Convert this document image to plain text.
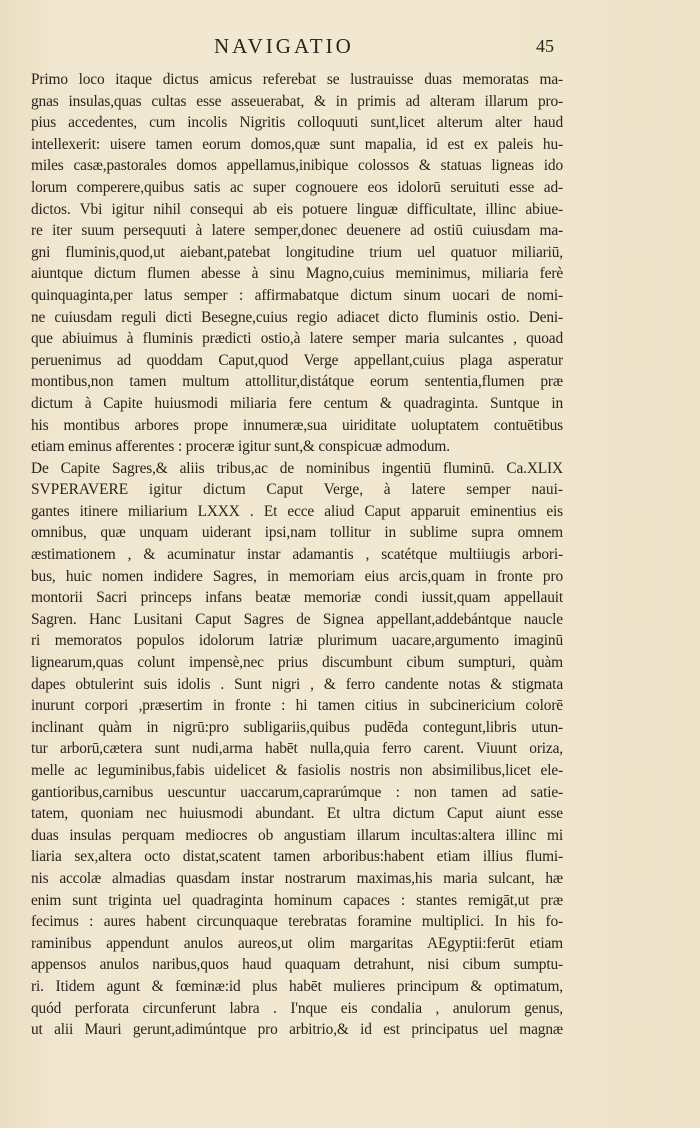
NAVIGATIO	45
Primo loco itaque dictus amicus referebat se lustrauisse duas memoratas ma-
gnas insulas,quas cultas esse asseuerabat, & in primis ad alteram illarum pro-
pius accedentes, cum incolis Nigritis colloquuti sunt,licet alterum alter haud
intellexerit: uisere tamen eorum domos,quæ sunt mapalia, id est ex paleis hu-
miles casæ,pastorales domos appellamus,inibique colossos & statuas ligneas ido
lorum comperere,quibus satis ac super cognouere eos idolorū seruituti esse ad-
dictos. Vbi igitur nihil consequi ab eis potuere linguæ difficultate, illinc abiue-
re iter suum persequuti à latere semper,donec deuenere ad ostiū cuiusdam ma-
gni fluminis,quod,ut aiebant,patebat longitudine trium uel quatuor miliariū,
aiuntque dictum flumen abesse à sinu Magno,cuius meminimus, miliaria ferè
quinquaginta,per latus semper : affirmabatque dictum sinum uocari de nomi-
ne cuiusdam reguli dicti Besegne,cuius regio adiacet dicto fluminis ostio. Deni-
que abiuimus à fluminis prædicti ostio,à latere semper maria sulcantes , quoad
peruenimus ad quoddam Caput,quod Verge appellant,cuius plaga asperatur
montibus,non tamen multum attollitur,distátque eorum sententia,flumen præ
dictum à Capite huiusmodi miliaria fere centum & quadraginta. Suntque in
his montibus arbores prope innumeræ,sua uiriditate uoluptatem contuētibus
etiam eminus afferentes : proceræ igitur sunt,& conspicuæ admodum.
De Capite Sagres,& aliis tribus,ac de nominibus ingentiū fluminū. Ca.XLIX
SVPERAVERE igitur dictum Caput Verge, à latere semper naui-
gantes itinere miliarium LXXX . Et ecce aliud Caput apparuit eminentius eis
omnibus, quæ unquam uiderant ipsi,nam tollitur in sublime supra omnem
æstimationem , & acuminatur instar adamantis , scatétque multiiugis arbori-
bus, huic nomen indidere Sagres, in memoriam eius arcis,quam in fronte pro
montorii Sacri princeps infans beatæ memoriæ condi iussit,quam appellauit
Sagren. Hanc Lusitani Caput Sagres de Signea appellant,addebántque naucle
ri memoratos populos idolorum latriæ plurimum uacare,argumento imaginū
lignearum,quas colunt impensè,nec prius discumbunt cibum sumpturi, quàm
dapes obtulerint suis idolis . Sunt nigri , & ferro candente notas & stigmata
inurunt corpori ,præsertim in fronte : hi tamen citius in subcinericium colorē
inclinant quàm in nigrū:pro subligariis,quibus pudēda contegunt,libris utun-
tur arborū,cætera sunt nudi,arma habēt nulla,quia ferro carent. Viuunt oriza,
melle ac leguminibus,fabis uidelicet & fasiolis nostris non absimilibus,licet ele-
gantioribus,carnibus uescuntur uaccarum,caprarúmque : non tamen ad satie-
tatem, quoniam nec huiusmodi abundant. Et ultra dictum Caput aiunt esse
duas insulas perquam mediocres ob angustiam illarum incultas:altera illinc mi
liaria sex,altera octo distat,scatent tamen arboribus:habent etiam illius flumi-
nis accolæ almadias quasdam instar nostrarum maximas,his maria sulcant, hæ
enim sunt triginta uel quadraginta hominum capaces : stantes remigāt,ut præ
fecimus : aures habent circunquaque terebratas foramine multiplici. In his fo-
raminibus appendunt anulos aureos,ut olim margaritas AEgyptii:ferūt etiam
appensos anulos naribus,quos haud quaquam detrahunt, nisi cibum sumptu-
ri. Itidem agunt & fœminæ:id plus habēt mulieres principum & optimatum,
quód perforata circunferunt labra . I'nque eis condalia , anulorum genus,
ut alii Mauri gerunt,adimúntque pro arbitrio,& id est principatus uel magnæ
